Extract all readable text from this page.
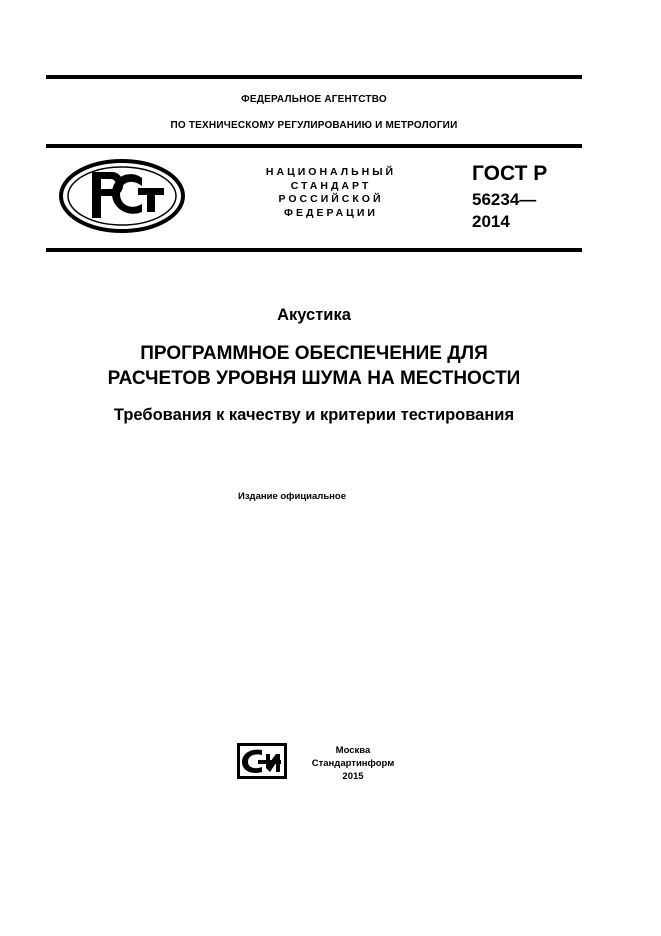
ФЕДЕРАЛЬНОЕ АГЕНТСТВО
ПО ТЕХНИЧЕСКОМУ РЕГУЛИРОВАНИЮ И МЕТРОЛОГИИ
НАЦИОНАЛЬНЫЙ
СТАНДАРТ
РОССИЙСКОЙ
ФЕДЕРАЦИИ
ГОСТ Р
56234—
2014
Акустика
ПРОГРАММНОЕ ОБЕСПЕЧЕНИЕ ДЛЯ
РАСЧЕТОВ УРОВНЯ ШУМА НА МЕСТНОСТИ
Требования к качеству и критерии тестирования
Издание официальное
Москва
Стандартинформ
2015
